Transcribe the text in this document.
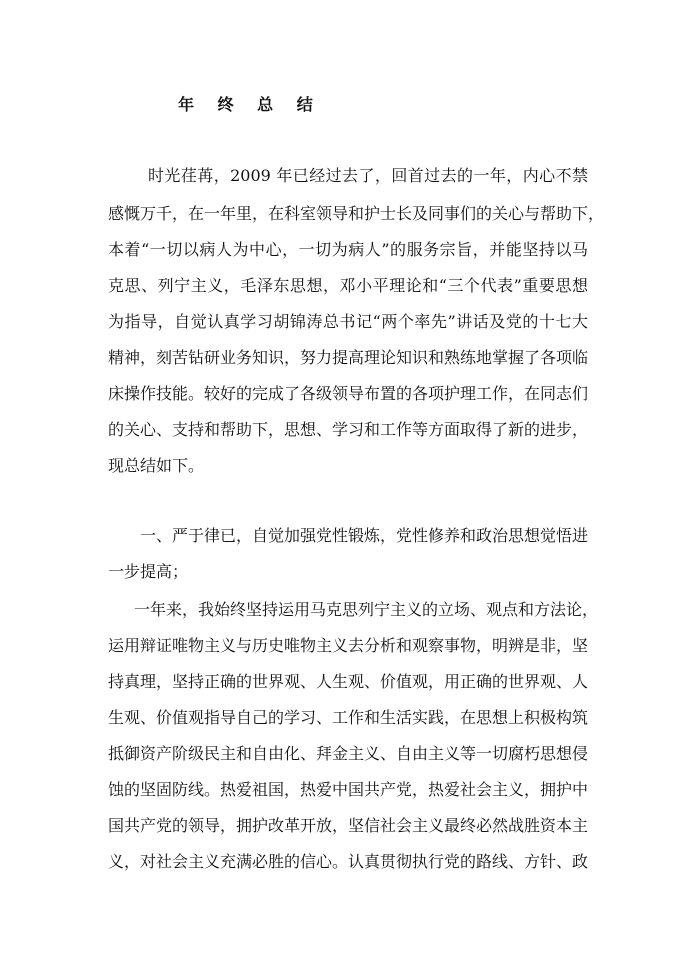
年 终 总 结
时光荏苒，2009 年已经过去了，回首过去的一年，内心不禁
感慨万千，在一年里，在科室领导和护士长及同事们的关心与帮助下，
本着“一切以病人为中心，一切为病人”的服务宗旨，并能坚持以马
克思、列宁主义，毛泽东思想，邓小平理论和“三个代表”重要思想
为指导，自觉认真学习胡锦涛总书记“两个率先”讲话及党的十七大
精神，刻苦钻研业务知识，努力提高理论知识和熟练地掌握了各项临
床操作技能。较好的完成了各级领导布置的各项护理工作，在同志们
的关心、支持和帮助下，思想、学习和工作等方面取得了新的进步，
现总结如下。
一、严于律已，自觉加强党性锻炼，党性修养和政治思想觉悟进
一步提高；
一年来，我始终坚持运用马克思列宁主义的立场、观点和方法论，
运用辩证唯物主义与历史唯物主义去分析和观察事物，明辨是非，坚
持真理，坚持正确的世界观、人生观、价值观，用正确的世界观、人
生观、价值观指导自己的学习、工作和生活实践，在思想上积极构筑
抵御资产阶级民主和自由化、拜金主义、自由主义等一切腐朽思想侵
蚀的坚固防线。热爱祖国，热爱中国共产党，热爱社会主义，拥护中
国共产党的领导，拥护改革开放，坚信社会主义最终必然战胜资本主
义，对社会主义充满必胜的信心。认真贯彻执行党的路线、方针、政
